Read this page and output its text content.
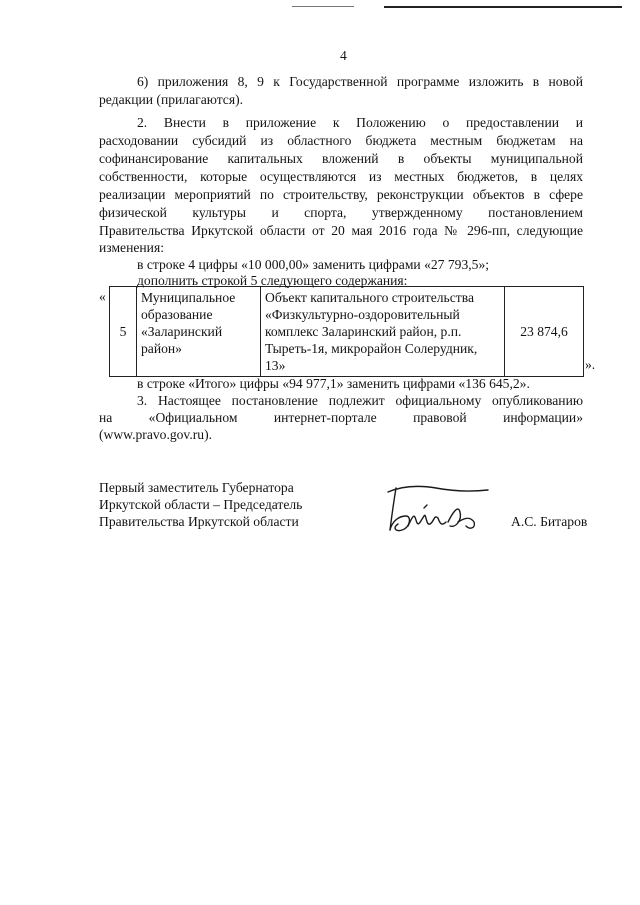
4
6) приложения 8, 9 к Государственной программе изложить в новой
редакции (прилагаются).
2. Внести в приложение к Положению о предоставлении и
расходовании субсидий из областного бюджета местным бюджетам на
софинансирование капитальных вложений в объекты муниципальной
собственности, которые осуществляются из местных бюджетов, в целях
реализации мероприятий по строительству, реконструкции объектов в сфере
физической культуры и спорта, утвержденному постановлением
Правительства Иркутской области от 20 мая 2016 года № 296-пп, следующие
изменения:
в строке 4 цифры «10 000,00» заменить цифрами «27 793,5»;
дополнить строкой 5 следующего содержания:
«
5	Муниципальное
образование
«Заларинский
район»	Объект капитального строительства
«Физкультурно-оздоровительный
комплекс Заларинский район, р.п.
Тыреть-1я, микрорайон Солерудник,
13»	23 874,6
».
в строке «Итого» цифры «94 977,1» заменить цифрами «136 645,2».
3. Настоящее постановление подлежит официальному опубликованию
на «Официальном интернет-портале правовой информации»
(www.pravo.gov.ru).
Первый заместитель Губернатора
Иркутской области – Председатель
Правительства Иркутской области	А.С. Битаров
